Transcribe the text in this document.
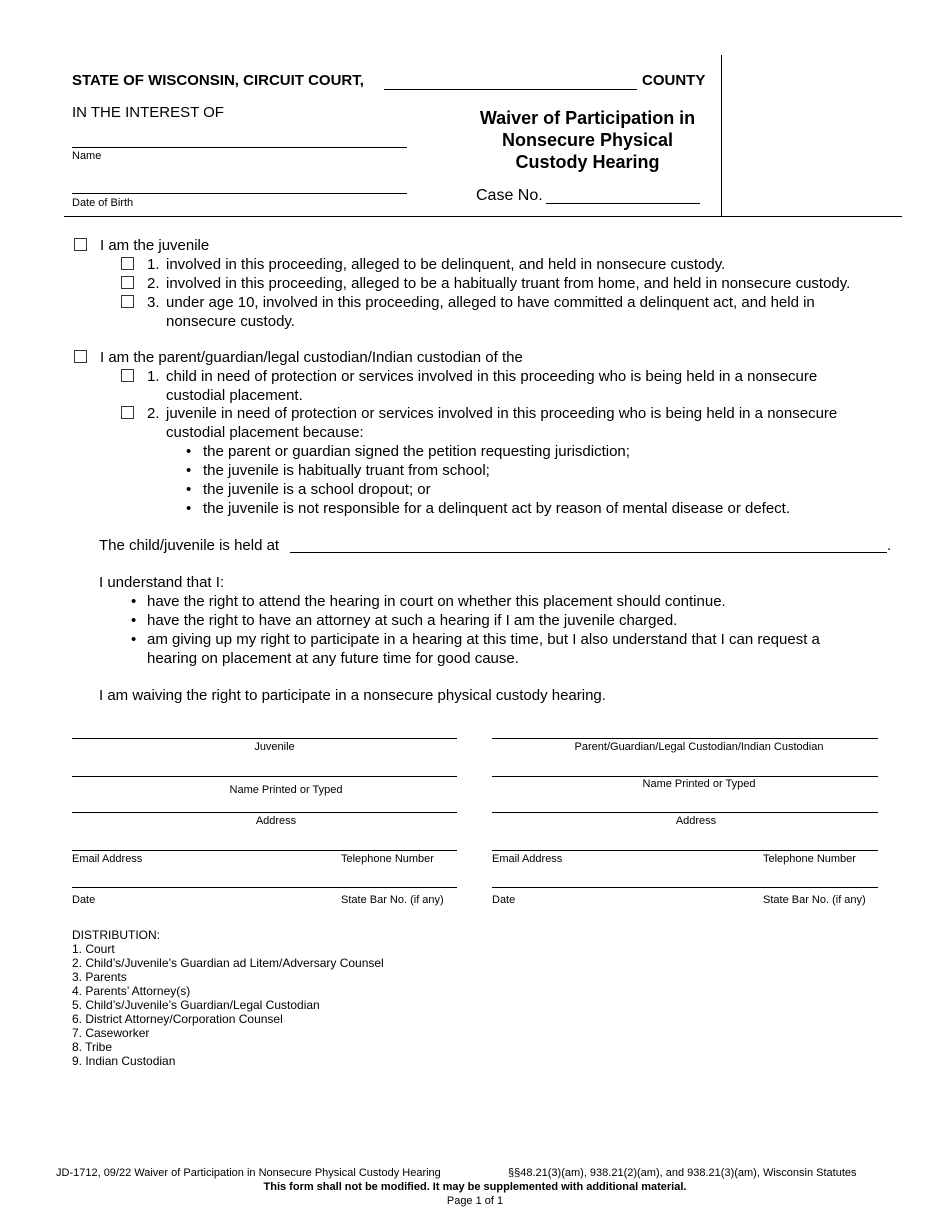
STATE OF WISCONSIN, CIRCUIT COURT,	COUNTY
IN THE INTEREST OF
Name
Date of Birth
Waiver of Participation in
Nonsecure Physical
Custody Hearing
Case No.
I am the juvenile
1. involved in this proceeding, alleged to be delinquent, and held in nonsecure custody.
2. involved in this proceeding, alleged to be a habitually truant from home, and held in nonsecure custody.
3. under age 10, involved in this proceeding, alleged to have committed a delinquent act, and held in
nonsecure custody.
I am the parent/guardian/legal custodian/Indian custodian of the
1. child in need of protection or services involved in this proceeding who is being held in a nonsecure
custodial placement.
2. juvenile in need of protection or services involved in this proceeding who is being held in a nonsecure
custodial placement because:
• the parent or guardian signed the petition requesting jurisdiction;
• the juvenile is habitually truant from school;
• the juvenile is a school dropout; or
• the juvenile is not responsible for a delinquent act by reason of mental disease or defect.
The child/juvenile is held at	.
I understand that I:
• have the right to attend the hearing in court on whether this placement should continue.
• have the right to have an attorney at such a hearing if I am the juvenile charged.
• am giving up my right to participate in a hearing at this time, but I also understand that I can request a
hearing on placement at any future time for good cause.
I am waiving the right to participate in a nonsecure physical custody hearing.
Juvenile
Name Printed or Typed
Address
Email Address	Telephone Number
Date	State Bar No. (if any)
Parent/Guardian/Legal Custodian/Indian Custodian
Name Printed or Typed
Address
Email Address	Telephone Number
Date	State Bar No. (if any)
DISTRIBUTION:
1. Court
2. Child’s/Juvenile’s Guardian ad Litem/Adversary Counsel
3. Parents
4. Parents’ Attorney(s)
5. Child’s/Juvenile’s Guardian/Legal Custodian
6. District Attorney/Corporation Counsel
7. Caseworker
8. Tribe
9. Indian Custodian
JD-1712, 09/22 Waiver of Participation in Nonsecure Physical Custody Hearing	§§48.21(3)(am), 938.21(2)(am), and 938.21(3)(am), Wisconsin Statutes
This form shall not be modified. It may be supplemented with additional material.
Page 1 of 1
